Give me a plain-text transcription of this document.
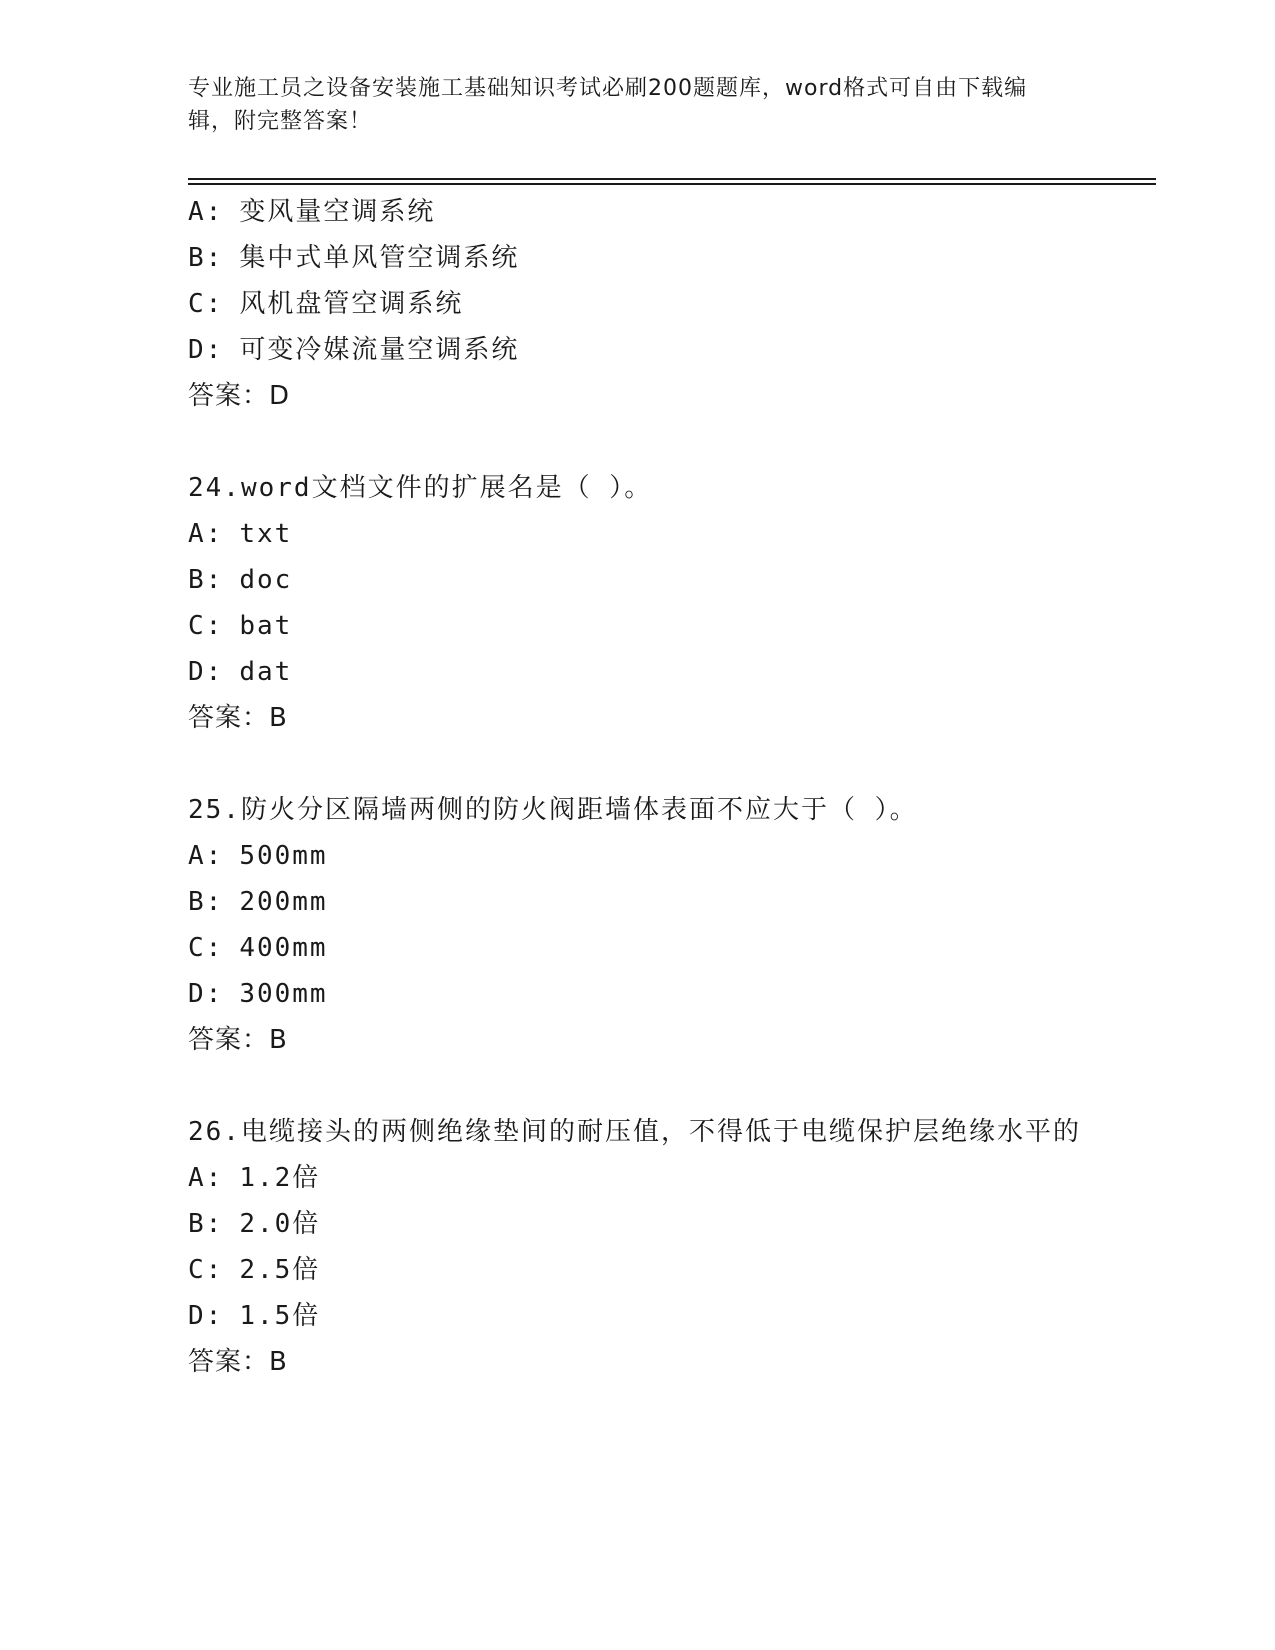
专业施工员之设备安装施工基础知识考试必刷200题题库，word格式可自由下载编辑，附完整答案！
A: 变风量空调系统
B: 集中式单风管空调系统
C: 风机盘管空调系统
D: 可变冷媒流量空调系统
答案：D
24.word文档文件的扩展名是（ ）。
A: txt
B: doc
C: bat
D: dat
答案：B
25.防火分区隔墙两侧的防火阀距墙体表面不应大于（ ）。
A: 500mm
B: 200mm
C: 400mm
D: 300mm
答案：B
26.电缆接头的两侧绝缘垫间的耐压值，不得低于电缆保护层绝缘水平的
A: 1.2倍
B: 2.0倍
C: 2.5倍
D: 1.5倍
答案：B
